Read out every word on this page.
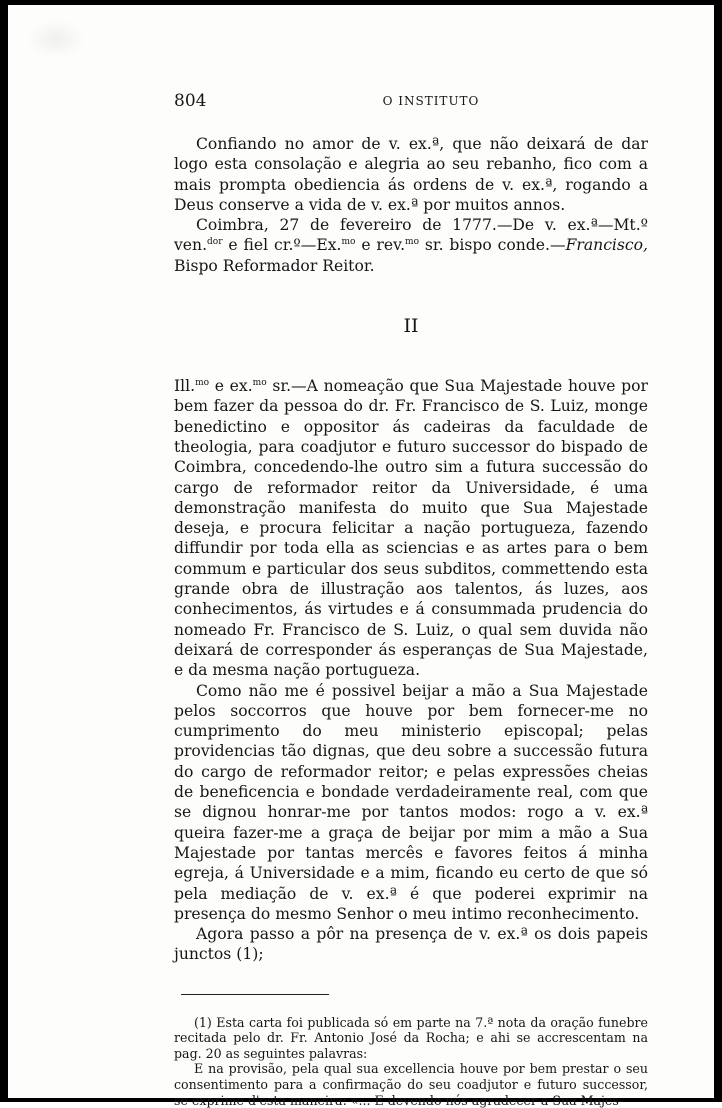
804	O INSTITUTO

Confiando no amor de v. ex.ª, que não deixará de dar logo esta consolação e alegria ao seu rebanho, fico com a mais prompta obediencia ás ordens de v. ex.ª, rogando a Deus conserve a vida de v. ex.ª por muitos annos.

Coimbra, 27 de fevereiro de 1777.—De v. ex.ª—Mt.º ven.$^{dor}$ e fiel cr.º—Ex.$^{mo}$ e rev.$^{mo}$ sr. bispo conde.—Francisco, Bispo Reformador Reitor.

II

Ill.$^{mo}$ e ex.$^{mo}$ sr.—A nomeação que Sua Majestade houve por bem fazer da pessoa do dr. Fr. Francisco de S. Luiz, monge benedictino e oppositor ás cadeiras da faculdade de theologia, para coadjutor e futuro successor do bispado de Coimbra, concedendo-lhe outro sim a futura successão do cargo de reformador reitor da Universidade, é uma demonstração manifesta do muito que Sua Majestade deseja, e procura felicitar a nação portugueza, fazendo diffundir por toda ella as sciencias e as artes para o bem commum e particular dos seus subditos, commettendo esta grande obra de illustração aos talentos, ás luzes, aos conhecimentos, ás virtudes e á consummada prudencia do nomeado Fr. Francisco de S. Luiz, o qual sem duvida não deixará de corresponder ás esperanças de Sua Majestade, e da mesma nação portugueza.

Como não me é possivel beijar a mão a Sua Majestade pelos soccorros que houve por bem fornecer-me no cumprimento do meu ministerio episcopal; pelas providencias tão dignas, que deu sobre a successão futura do cargo de reformador reitor; e pelas expressões cheias de beneficencia e bondade verdadeiramente real, com que se dignou honrar-me por tantos modos: rogo a v. ex.ª queira fazer-me a graça de beijar por mim a mão a Sua Majestade por tantas mercês e favores feitos á minha egreja, á Universidade e a mim, ficando eu certo de que só pela mediação de v. ex.ª é que poderei exprimir na presença do mesmo Senhor o meu intimo reconhecimento.

Agora passo a pôr na presença de v. ex.ª os dois papeis junctos (1);

(1) Esta carta foi publicada só em parte na 7.ª nota da oração funebre recitada pelo dr. Fr. Antonio José da Rocha; e ahi se accrescentam na pag. 20 as seguintes palavras:

E na provisão, pela qual sua excellencia houve por bem prestar o seu consentimento para a confirmação do seu coadjutor e futuro successor, se exprime d'esta maneira: «... E devendo nós agradecer a Sua Majes-
